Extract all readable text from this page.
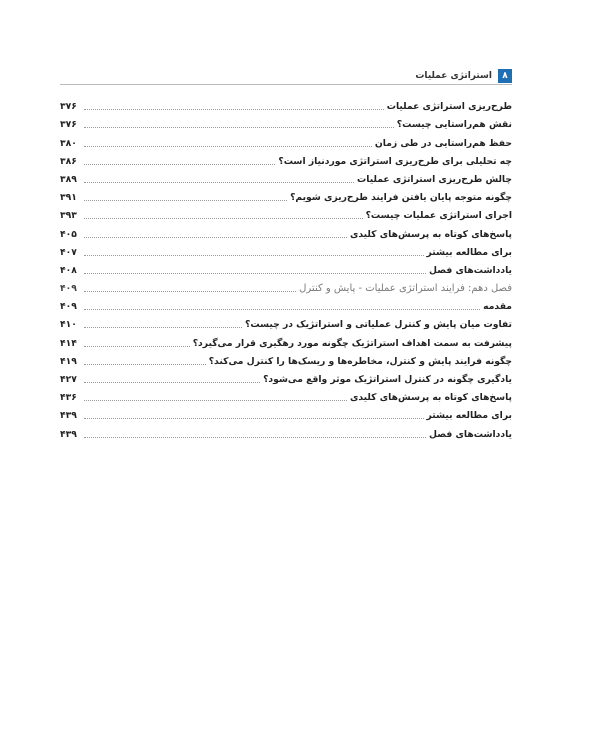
۸
استراتژی عملیات
طرح‌ریزی استراتژی عملیات
۳۷۶
نقش هم‌راستایی چیست؟
۳۷۶
حفظ هم‌راستایی در طی زمان
۳۸۰
چه تحلیلی برای طرح‌ریزی استراتژی موردنیاز است؟
۳۸۶
چالش طرح‌ریزی استراتژی عملیات
۳۸۹
چگونه متوجه پایان یافتن فرایند طرح‌ریزی شویم؟
۳۹۱
اجرای استراتژی عملیات چیست؟
۳۹۳
پاسخ‌های کوتاه به پرسش‌های کلیدی
۴۰۵
برای مطالعه بیشتر
۴۰۷
یادداشت‌های فصل
۴۰۸
فصل دهم: فرایند استراتژی عملیات - پایش و کنترل
۴۰۹
مقدمه
۴۰۹
تفاوت میان پایش و کنترل عملیاتی و استراتژیک در چیست؟
۴۱۰
پیشرفت به سمت اهداف استراتژیک چگونه مورد رهگیری قرار می‌گیرد؟
۴۱۴
چگونه فرایند پایش و کنترل، مخاطره‌ها و ریسک‌ها را کنترل می‌کند؟
۴۱۹
یادگیری چگونه در کنترل استراتژیک موثر واقع می‌شود؟
۴۲۷
پاسخ‌های کوتاه به پرسش‌های کلیدی
۴۳۶
برای مطالعه بیشتر
۴۳۹
یادداشت‌های فصل
۴۳۹
